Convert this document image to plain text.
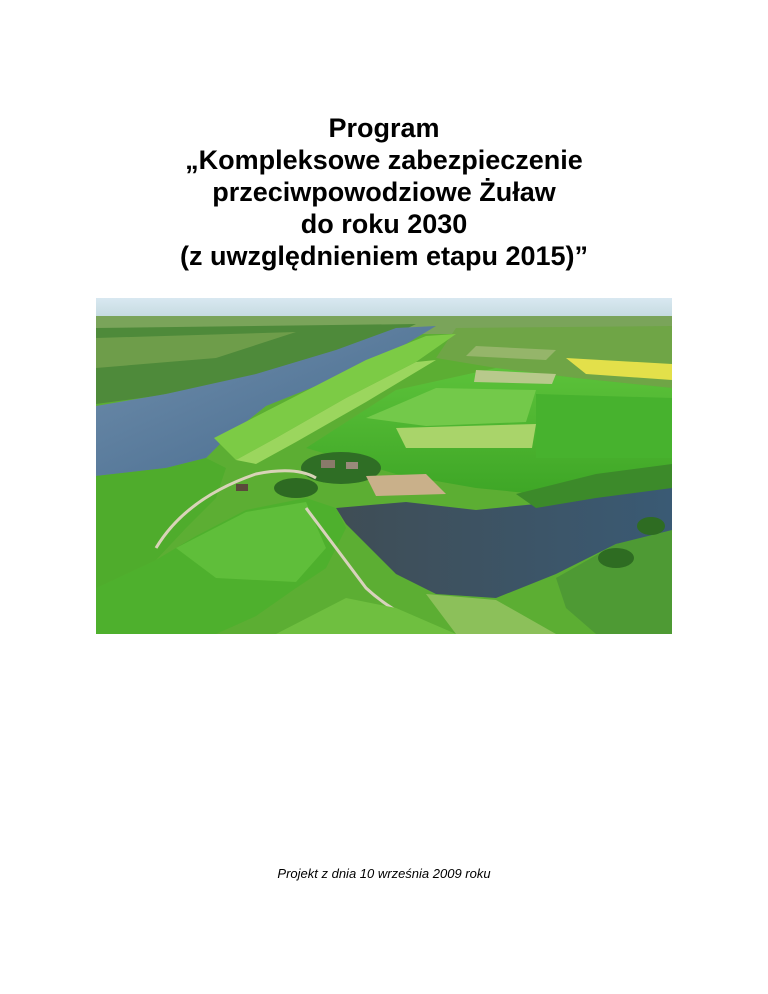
Program
„Kompleksowe zabezpieczenie
przeciwpowodziowe Żuław
do roku 2030
(z uwzględnieniem etapu 2015)”
Projekt z dnia 10 września 2009 roku
